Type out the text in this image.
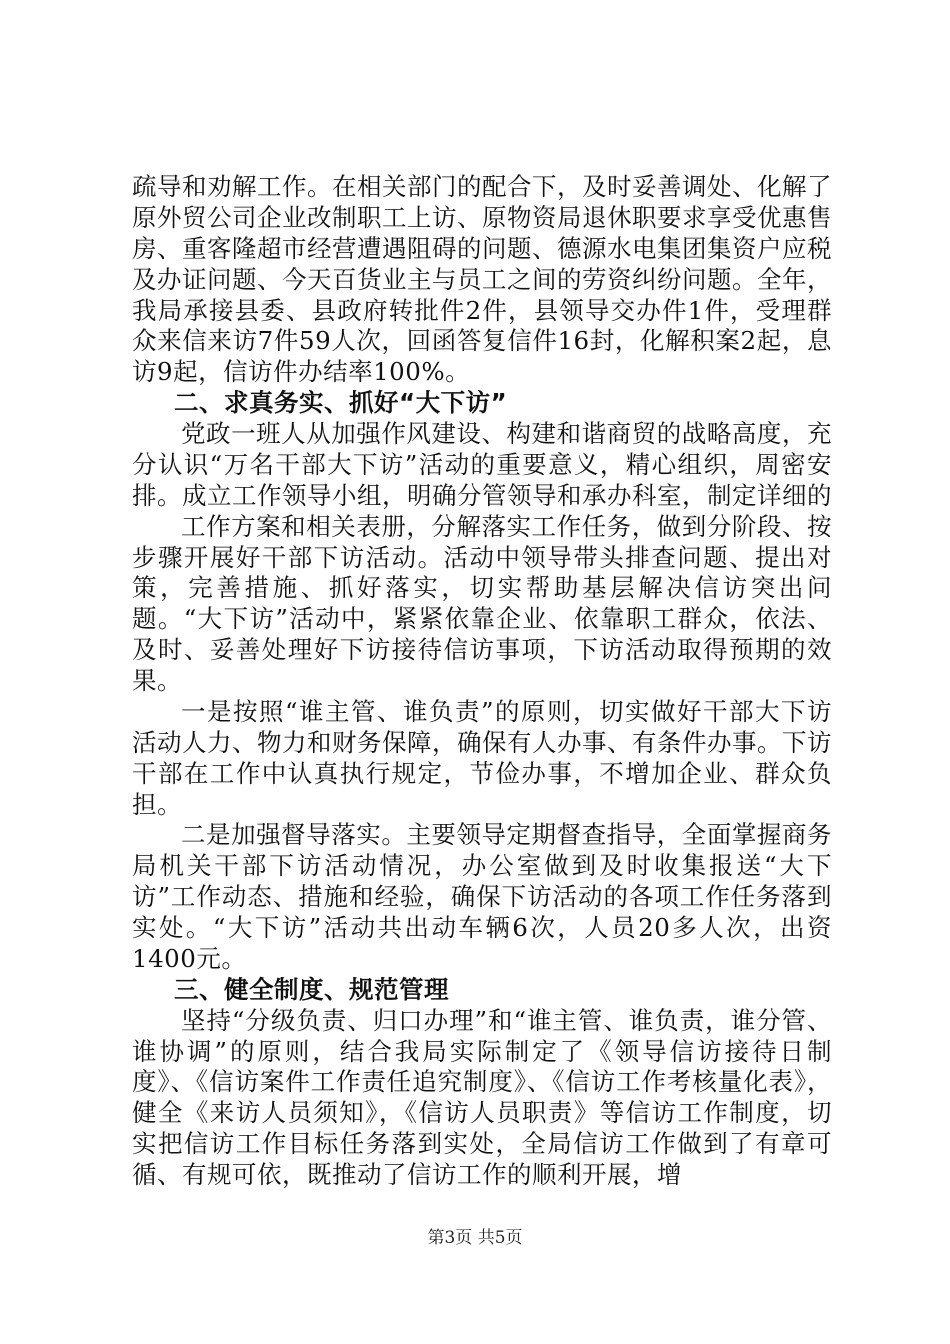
疏导和劝解工作。在相关部门的配合下，及时妥善调处、化解了原外贸公司企业改制职工上访、原物资局退休职要求享受优惠售房、重客隆超市经营遭遇阻碍的问题、德源水电集团集资户应税及办证问题、今天百货业主与员工之间的劳资纠纷问题。全年，我局承接县委、县政府转批件2件，县领导交办件1件，受理群众来信来访7件59人次，回函答复信件16封，化解积案2起，息访9起，信访件办结率100%。

二、求真务实、抓好“大下访”

党政一班人从加强作风建设、构建和谐商贸的战略高度，充分认识“万名干部大下访”活动的重要意义，精心组织，周密安排。成立工作领导小组，明确分管领导和承办科室，制定详细的

工作方案和相关表册，分解落实工作任务，做到分阶段、按步骤开展好干部下访活动。活动中领导带头排查问题、提出对策，完善措施、抓好落实，切实帮助基层解决信访突出问题。“大下访”活动中，紧紧依靠企业、依靠职工群众，依法、及时、妥善处理好下访接待信访事项，下访活动取得预期的效果。

一是按照“谁主管、谁负责”的原则，切实做好干部大下访活动人力、物力和财务保障，确保有人办事、有条件办事。下访干部在工作中认真执行规定，节俭办事，不增加企业、群众负担。

二是加强督导落实。主要领导定期督查指导，全面掌握商务局机关干部下访活动情况，办公室做到及时收集报送“大下访”工作动态、措施和经验，确保下访活动的各项工作任务落到实处。“大下访”活动共出动车辆6次，人员20多人次，出资1400元。

三、健全制度、规范管理

坚持“分级负责、归口办理”和“谁主管、谁负责，谁分管、谁协调”的原则，结合我局实际制定了《领导信访接待日制度》、《信访案件工作责任追究制度》、《信访工作考核量化表》，健全《来访人员须知》，《信访人员职责》等信访工作制度，切实把信访工作目标任务落到实处，全局信访工作做到了有章可循、有规可依，既推动了信访工作的顺利开展，增

第3页 共5页
